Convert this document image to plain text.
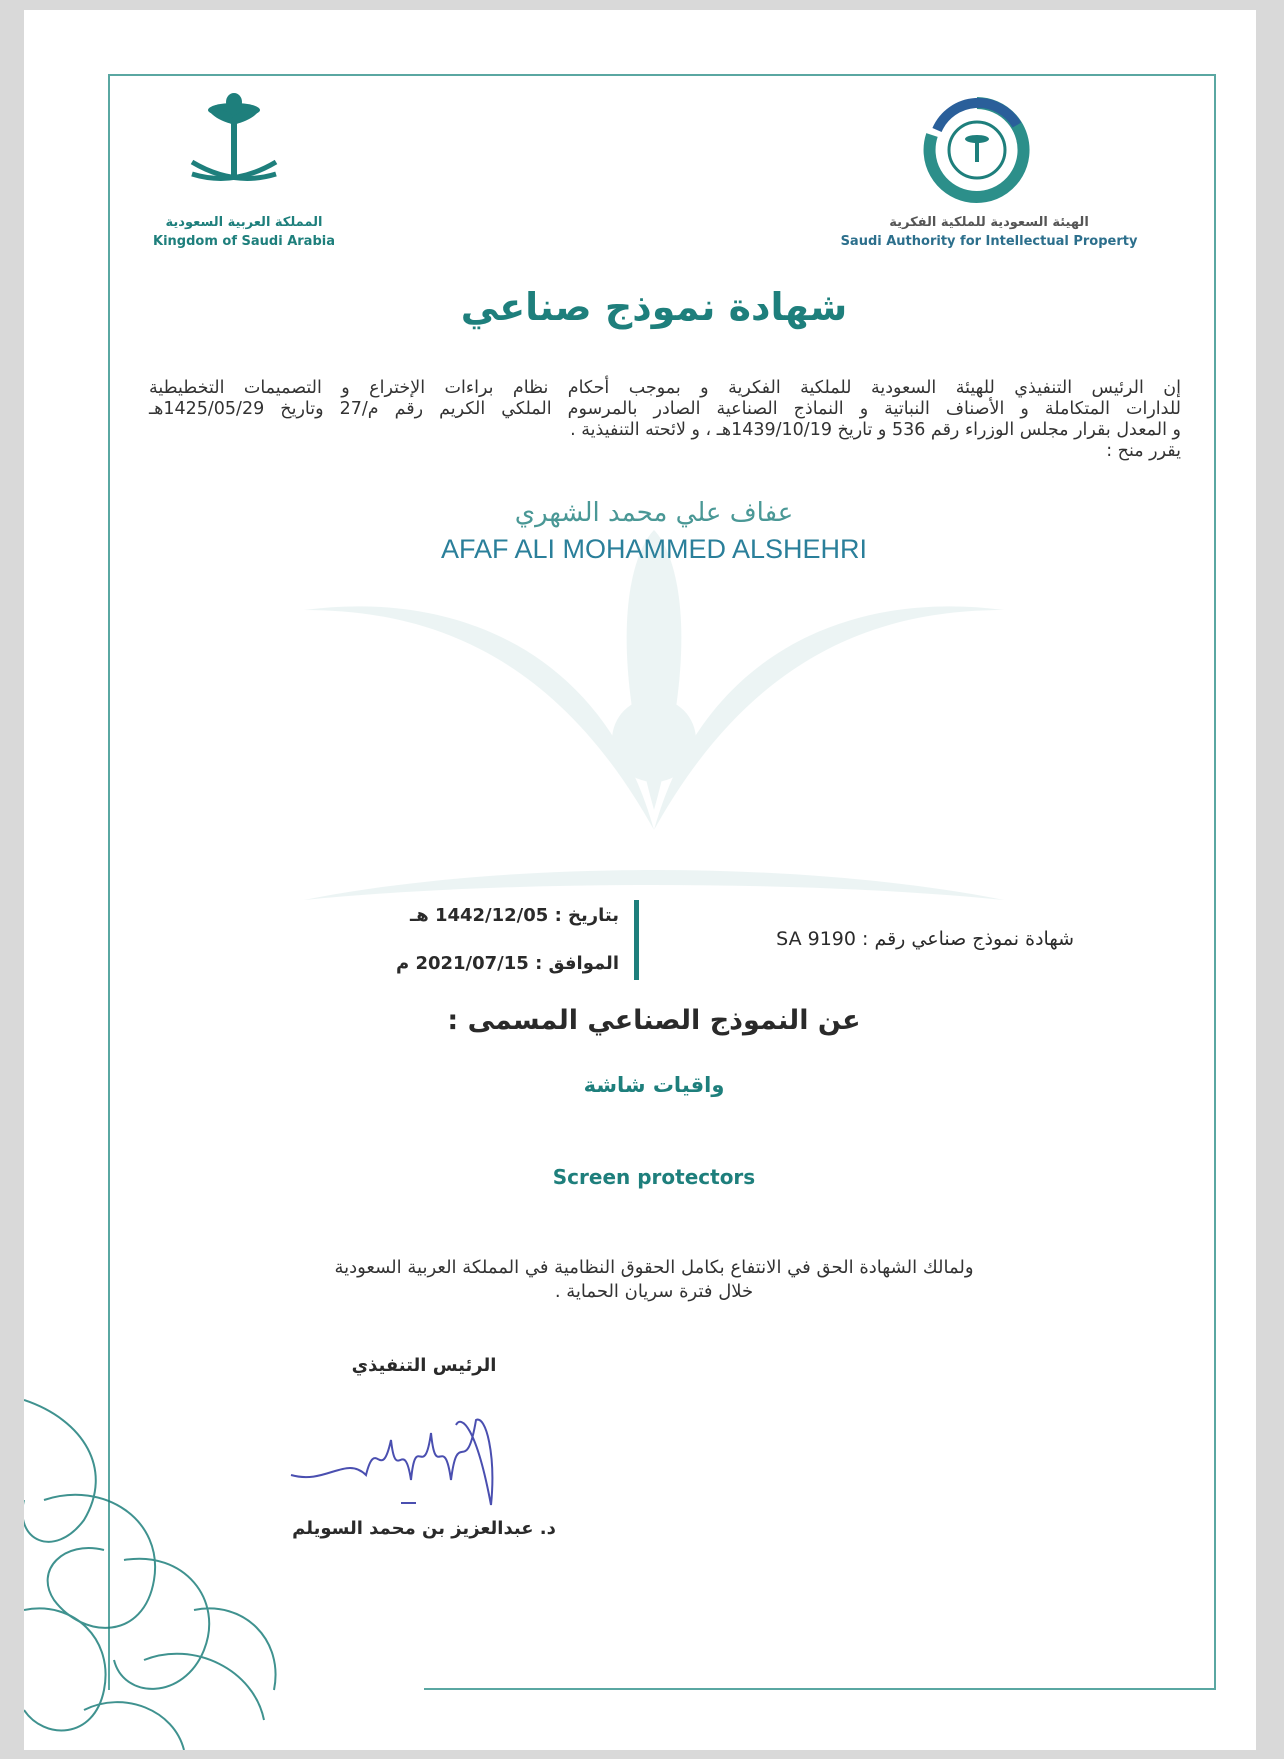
المملكة العربية السعودية
Kingdom of Saudi Arabia
الهيئة السعودية للملكية الفكرية
Saudi Authority for Intellectual Property
شهادة نموذج صناعي
إن الرئيس التنفيذي للهيئة السعودية للملكية الفكرية و بموجب أحكام نظام براءات الإختراع و التصميمات التخطيطية
للدارات المتكاملة و الأصناف النباتية و النماذج الصناعية الصادر بالمرسوم الملكي الكريم رقم م/27 وتاريخ 1425/05/29هـ
و المعدل بقرار مجلس الوزراء رقم 536 و تاريخ 1439/10/19هـ ، و لائحته التنفيذية .
يقرر منح :
عفاف علي محمد الشهري
AFAF ALI MOHAMMED ALSHEHRI
بتاريخ : 1442/12/05 هـ
الموافق : 2021/07/15 م
شهادة نموذج صناعي رقم : SA 9190
عن النموذج الصناعي المسمى :
واقيات شاشة
Screen protectors
ولمالك الشهادة الحق في الانتفاع بكامل الحقوق النظامية في المملكة العربية السعودية
خلال فترة سريان الحماية .
الرئيس التنفيذي
د. عبدالعزيز بن محمد السويلم
